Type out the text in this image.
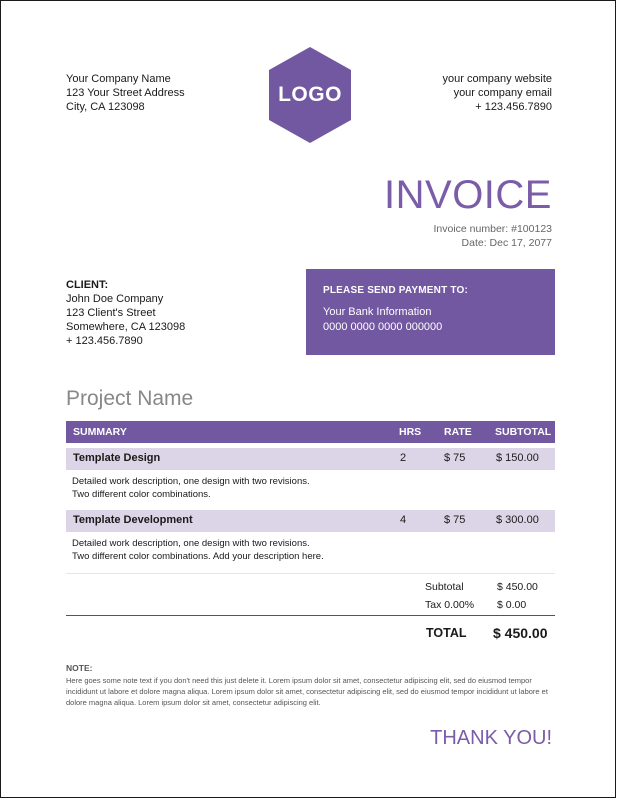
Your Company Name
123 Your Street Address
City, CA 123098
LOGO
your company website
your company email
+ 123.456.7890
INVOICE
Invoice number: #100123
Date: Dec 17, 2077
CLIENT:
John Doe Company
123 Client's Street
Somewhere, CA 123098
+ 123.456.7890
PLEASE SEND PAYMENT TO:
Your Bank Information
0000 0000 0000 000000
Project Name
SUMMARY	HRS RATE SUBTOTAL
Template Design	2	$ 75	$ 150.00
Detailed work description, one design with two revisions.
Two different color combinations.
Template Development	4	$ 75	$ 300.00
Detailed work description, one design with two revisions.
Two different color combinations. Add your description here.
Subtotal	$ 450.00
Tax 0.00% $ 0.00
TOTAL $ 450.00
NOTE:
Here goes some note text if you don't need this just delete it. Lorem ipsum dolor sit amet, consectetur adipiscing elit, sed do eiusmod tempor incididunt ut labore et dolore magna aliqua. Lorem ipsum dolor sit amet, consectetur adipiscing elit, sed do eiusmod tempor incididunt ut labore et dolore magna aliqua. Lorem ipsum dolor sit amet, consectetur adipiscing elit.
THANK YOU!
